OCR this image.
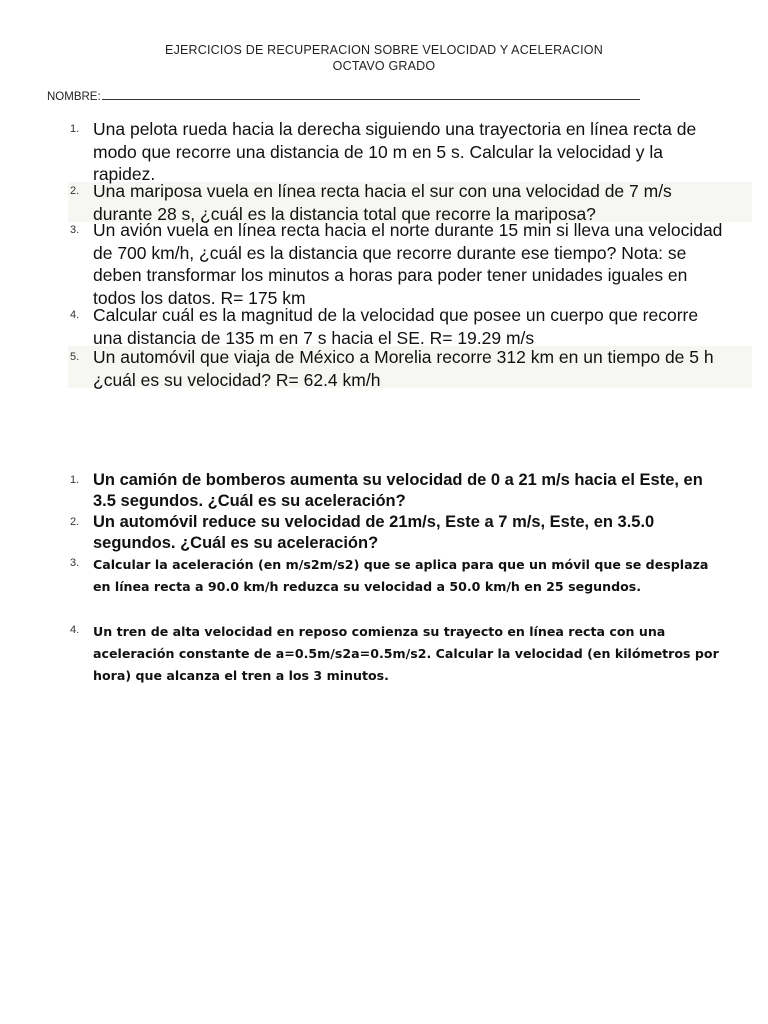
EJERCICIOS DE RECUPERACION SOBRE VELOCIDAD Y ACELERACION
OCTAVO GRADO
NOMBRE:
1. Una pelota rueda hacia la derecha siguiendo una trayectoria en línea recta de modo que recorre una distancia de 10 m en 5 s. Calcular la velocidad y la rapidez.

2. Una mariposa vuela en línea recta hacia el sur con una velocidad de 7 m/s durante 28 s, ¿cuál es la distancia total que recorre la mariposa?

3. Un avión vuela en línea recta hacia el norte durante 15 min si lleva una velocidad de 700 km/h, ¿cuál es la distancia que recorre durante ese tiempo? Nota: se deben transformar los minutos a horas para poder tener unidades iguales en todos los datos. R= 175 km

4. Calcular cuál es la magnitud de la velocidad que posee un cuerpo que recorre una distancia de 135 m en 7 s hacia el SE. R= 19.29 m/s

5. Un automóvil que viaja de México a Morelia recorre 312 km en un tiempo de 5 h ¿cuál es su velocidad? R= 62.4 km/h

1. Un camión de bomberos aumenta su velocidad de 0 a 21 m/s hacia el Este, en 3.5 segundos. ¿Cuál es su aceleración?

2. Un automóvil reduce su velocidad de 21m/s, Este a 7 m/s, Este, en 3.5.0 segundos. ¿Cuál es su aceleración?

3.	Calcular la aceleración (en m/s2m/s2) que se aplica para que un móvil que se desplaza en línea recta a 90.0 km/h reduzca su velocidad a 50.0 km/h en 25 segundos.

4.	Un tren de alta velocidad en reposo comienza su trayecto en línea recta con una aceleración constante de a=0.5m/s2a=0.5m/s2. Calcular la velocidad (en kilómetros por hora) que alcanza el tren a los 3 minutos.
